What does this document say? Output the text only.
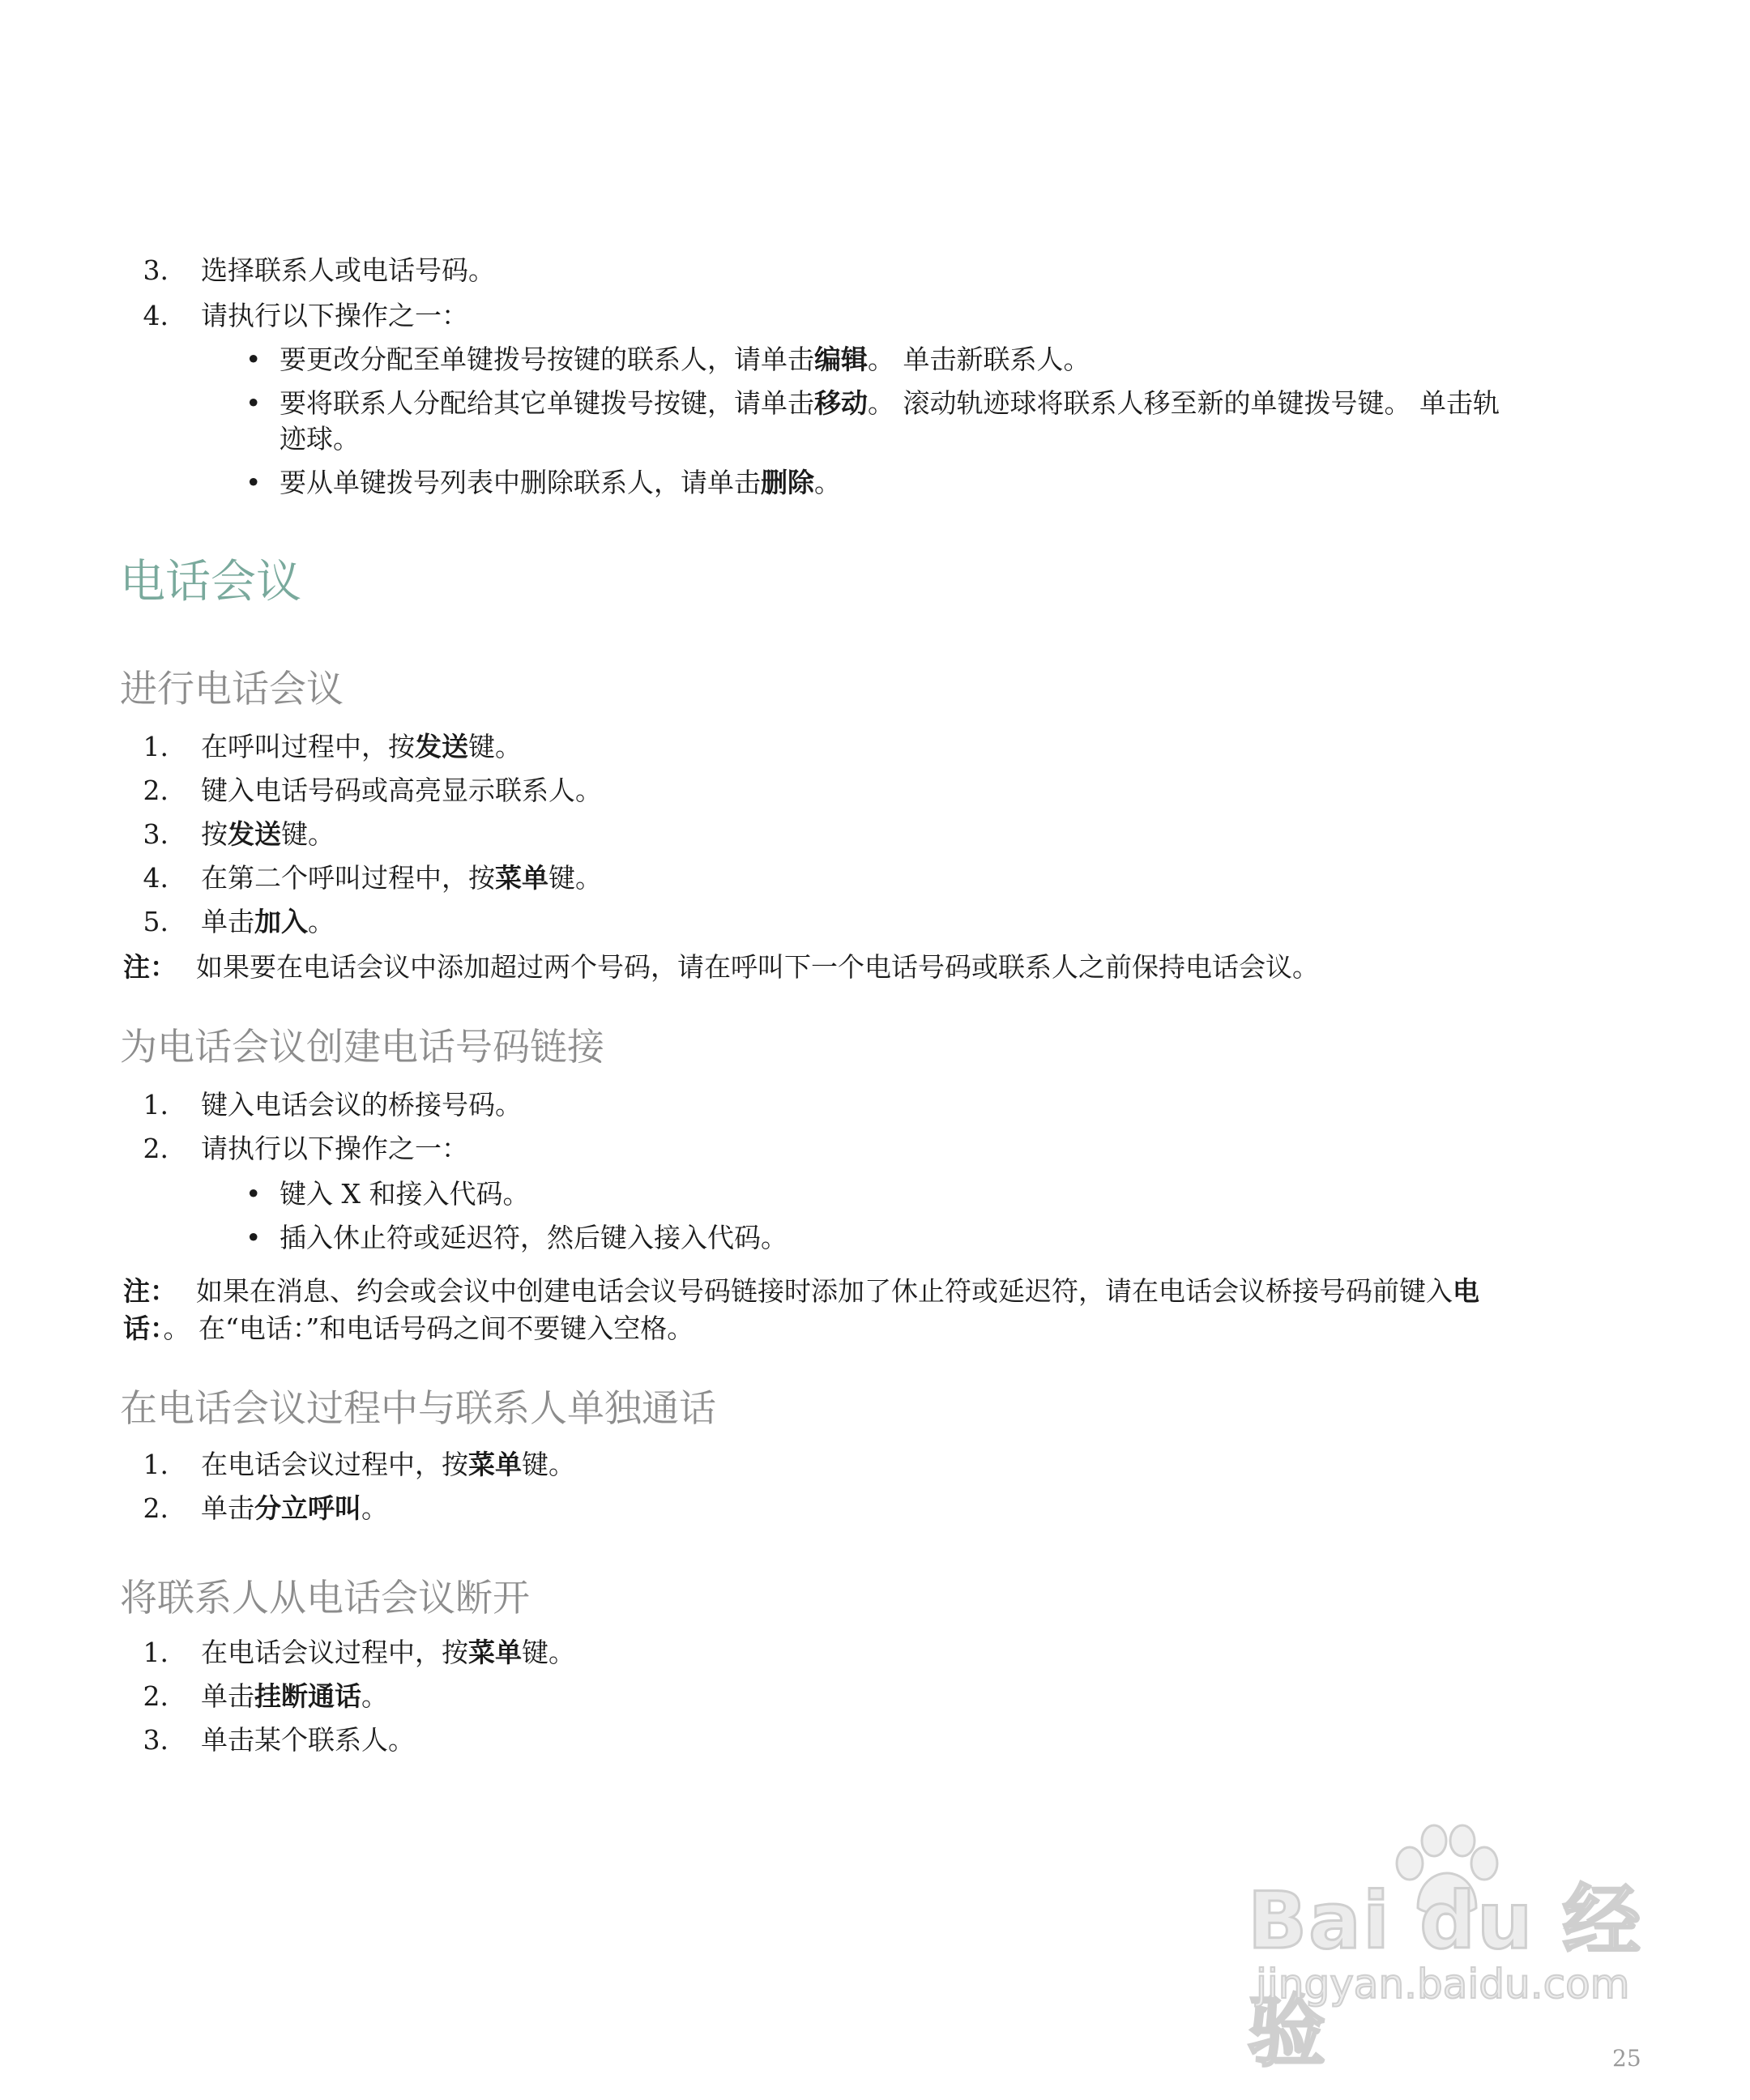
3. 选择联系人或电话号码。
4. 请执行以下操作之一：
• 要更改分配至单键拨号按键的联系人，请单击编辑。 单击新联系人。
• 要将联系人分配给其它单键拨号按键，请单击移动。 滚动轨迹球将联系人移至新的单键拨号键。 单击轨
迹球。
• 要从单键拨号列表中删除联系人，请单击删除。
电话会议
进行电话会议
1. 在呼叫过程中，按发送键。
2. 键入电话号码或高亮显示联系人。
3. 按发送键。
4. 在第二个呼叫过程中，按菜单键。
5. 单击加入。
注： 如果要在电话会议中添加超过两个号码，请在呼叫下一个电话号码或联系人之前保持电话会议。
为电话会议创建电话号码链接
1. 键入电话会议的桥接号码。
2. 请执行以下操作之一：
• 键入 X 和接入代码。
• 插入休止符或延迟符，然后键入接入代码。
注： 如果在消息、约会或会议中创建电话会议号码链接时添加了休止符或延迟符，请在电话会议桥接号码前键入电
话：。 在“电话：”和电话号码之间不要键入空格。
在电话会议过程中与联系人单独通话
1. 在电话会议过程中，按菜单键。
2. 单击分立呼叫。
将联系人从电话会议断开
1. 在电话会议过程中，按菜单键。
2. 单击挂断通话。
3. 单击某个联系人。
Bai du 经验
jingyan.baidu.com
25
